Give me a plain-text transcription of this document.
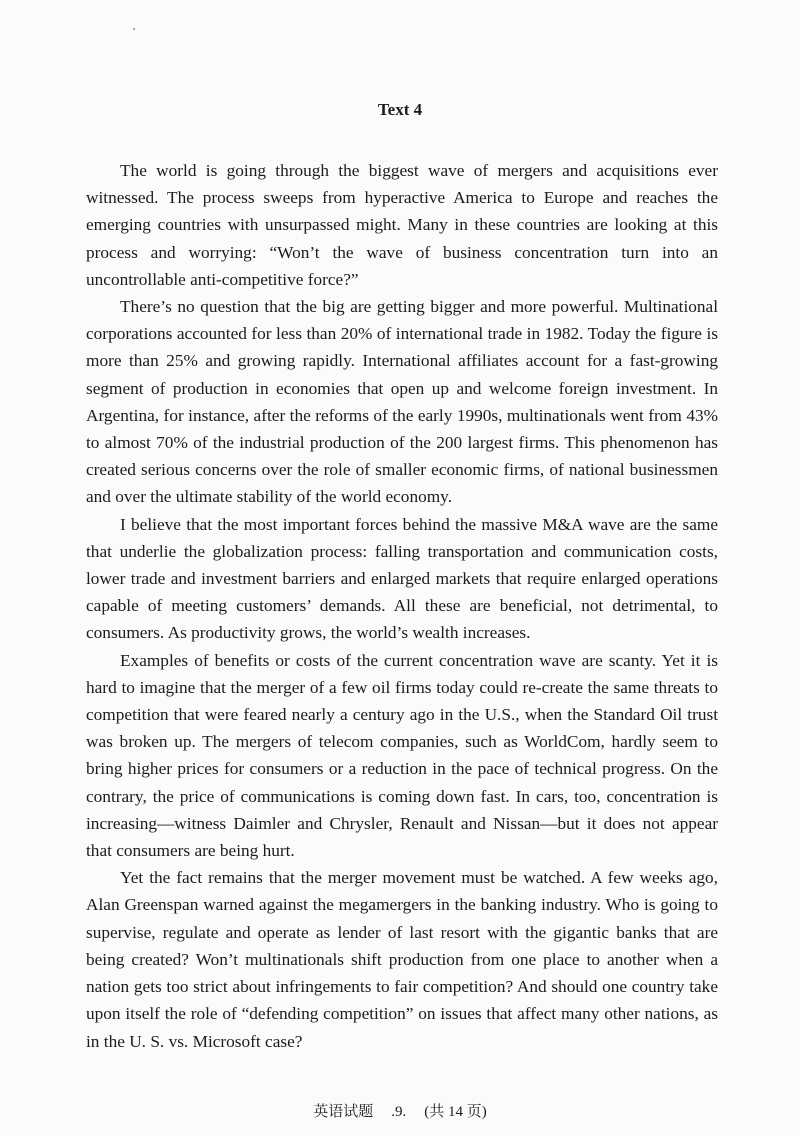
Text 4

The world is going through the biggest wave of mergers and acquisitions ever witnessed. The process sweeps from hyperactive America to Europe and reaches the emerging countries with unsurpassed might. Many in these countries are looking at this process and worrying: “Won’t the wave of business concentration turn into an uncontrollable anti-competitive force?”

There’s no question that the big are getting bigger and more powerful. Multinational corporations accounted for less than 20% of international trade in 1982. Today the figure is more than 25% and growing rapidly. International affiliates account for a fast-growing segment of production in economies that open up and welcome foreign investment. In Argentina, for instance, after the reforms of the early 1990s, multinationals went from 43% to almost 70% of the industrial production of the 200 largest firms. This phenomenon has created serious concerns over the role of smaller economic firms, of national businessmen and over the ultimate stability of the world economy.

I believe that the most important forces behind the massive M&A wave are the same that underlie the globalization process: falling transportation and communication costs, lower trade and investment barriers and enlarged markets that require enlarged operations capable of meeting customers’ demands. All these are beneficial, not detrimental, to consumers. As productivity grows, the world’s wealth increases.

Examples of benefits or costs of the current concentration wave are scanty. Yet it is hard to imagine that the merger of a few oil firms today could re-create the same threats to competition that were feared nearly a century ago in the U.S., when the Standard Oil trust was broken up. The mergers of telecom companies, such as WorldCom, hardly seem to bring higher prices for consumers or a reduction in the pace of technical progress. On the contrary, the price of communications is coming down fast. In cars, too, concentration is increasing—witness Daimler and Chrysler, Renault and Nissan—but it does not appear that consumers are being hurt.

Yet the fact remains that the merger movement must be watched. A few weeks ago, Alan Greenspan warned against the megamergers in the banking industry. Who is going to supervise, regulate and operate as lender of last resort with the gigantic banks that are being created? Won’t multinationals shift production from one place to another when a nation gets too strict about infringements to fair competition? And should one country take upon itself the role of “defending competition” on issues that affect many other nations, as in the U. S. vs. Microsoft case?

英语试题 .9. (共 14 页)
